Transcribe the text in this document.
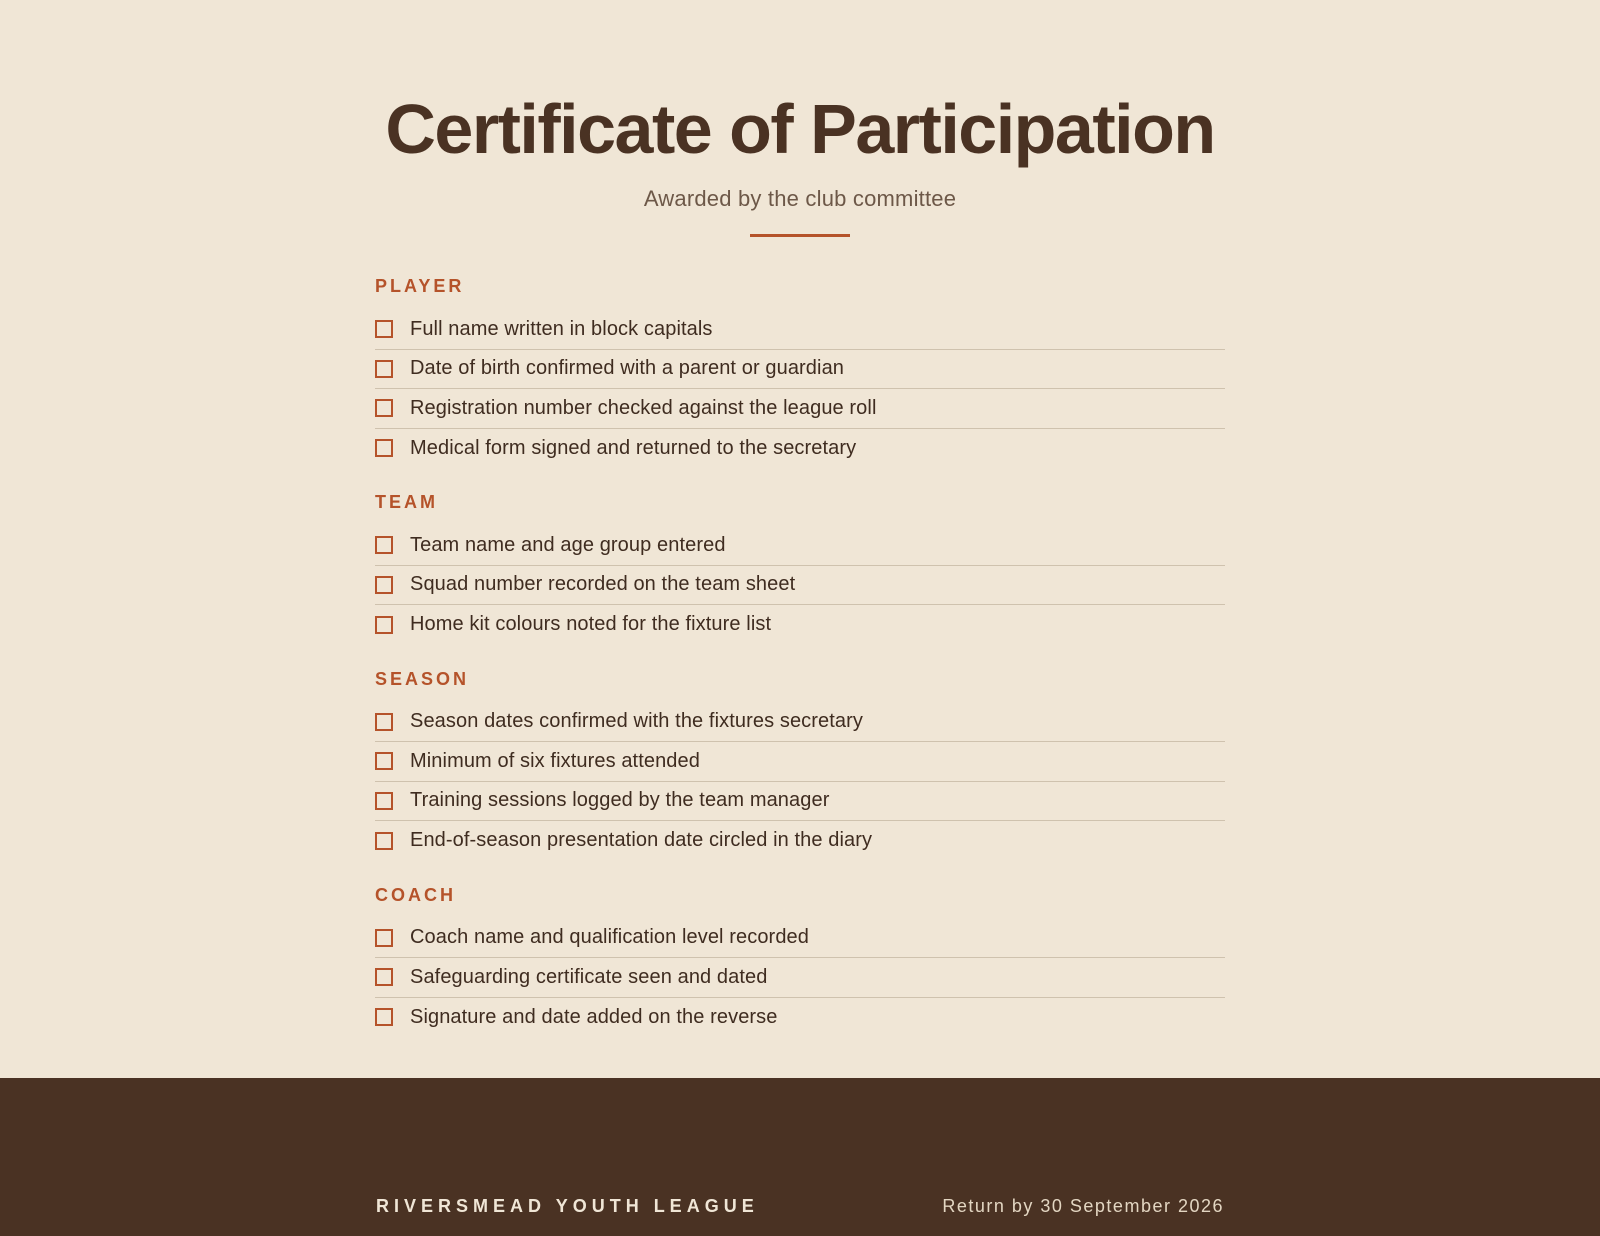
Certificate of Participation
Awarded by the club committee
PLAYER
Full name written in block capitals
Date of birth confirmed with a parent or guardian
Registration number checked against the league roll
Medical form signed and returned to the secretary
TEAM
Team name and age group entered
Squad number recorded on the team sheet
Home kit colours noted for the fixture list
SEASON
Season dates confirmed with the fixtures secretary
Minimum of six fixtures attended
Training sessions logged by the team manager
End-of-season presentation date circled in the diary
COACH
Coach name and qualification level recorded
Safeguarding certificate seen and dated
Signature and date added on the reverse
RIVERSMEAD YOUTH LEAGUE	Return by 30 September 2026
